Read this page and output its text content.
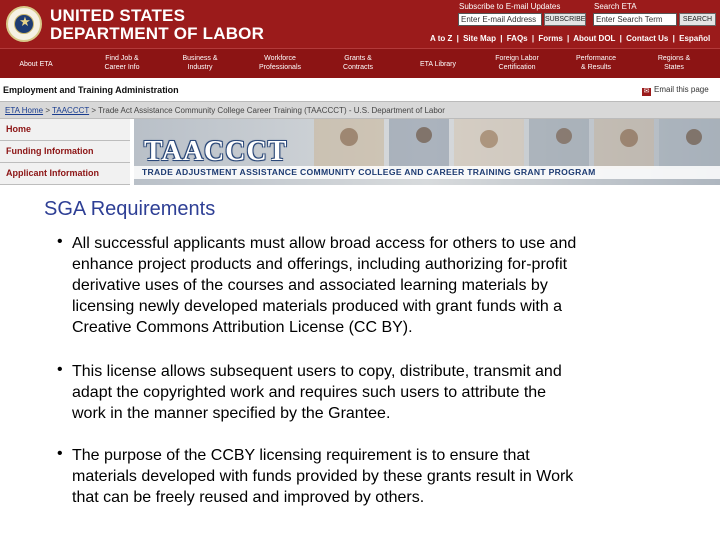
★ UNITED STATES
DEPARTMENT OF LABOR
Subscribe to E-mail Updates
Enter E-mail Address	SUBSCRIBE
Search ETA
Enter Search Term	SEARCH
A to Z | Site Map | FAQs | Forms | About DOL | Contact Us | Español
About ETA
Find Job &
Career Info
Business &
Industry
Workforce
Professionals
Grants &
Contracts	ETA Library
Foreign Labor
Certification
Performance
& Results
Regions &
States
Employment and Training Administration	✉ Email this page
ETA Home > TAACCCT > Trade Act Assistance Community College Career Training (TAACCCT) - U.S. Department of Labor
Home
Funding Information
Applicant Information
TAACCCT
TRADE ADJUSTMENT ASSISTANCE COMMUNITY COLLEGE AND CAREER TRAINING GRANT PROGRAM
SGA Requirements
• All successful applicants must allow broad access for others to use and
enhance project products and offerings, including authorizing for-profit
derivative uses of the courses and associated learning materials by
licensing newly developed materials produced with grant funds with a
Creative Commons Attribution License (CC BY).
• This license allows subsequent users to copy, distribute, transmit and
adapt the copyrighted work and requires such users to attribute the
work in the manner specified by the Grantee.
• The purpose of the CCBY licensing requirement is to ensure that
materials developed with funds provided by these grants result in Work
that can be freely reused and improved by others.
